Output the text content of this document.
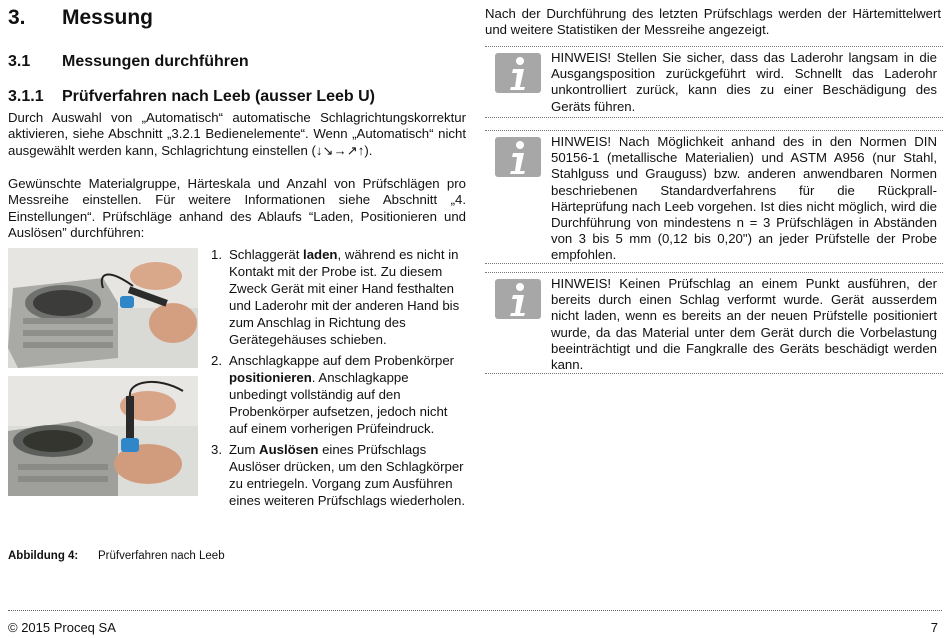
3. Messung
3.1 Messungen durchführen
3.1.1 Prüfverfahren nach Leeb (ausser Leeb U)
Durch Auswahl von „Automatisch“ automatische Schlagrichtungskorrektur aktivieren, siehe Abschnitt „3.2.1 Bedienelemente“. Wenn „Automatisch“ nicht ausgewählt werden kann, Schlagrichtung einstellen (↓↘→↗↑).
Gewünschte Materialgruppe, Härteskala und Anzahl von Prüfschlägen pro Messreihe einstellen. Für weitere Informationen siehe Abschnitt „4. Einstellungen“. Prüfschläge anhand des Ablaufs “Laden, Positionieren und Auslösen” durchführen:
1. Schlaggerät laden, während es nicht in Kontakt mit der Probe ist. Zu diesem Zweck Gerät mit einer Hand festhalten und Laderohr mit der anderen Hand bis zum Anschlag in Richtung des Gerätegehäuses schieben.
2. Anschlagkappe auf dem Probenkörper positionieren. Anschlagkappe unbedingt vollständig auf den Probenkörper aufsetzen, jedoch nicht auf einem vorherigen Prüfeindruck.
3. Zum Auslösen eines Prüfschlags Auslöser drücken, um den Schlagkörper zu entriegeln. Vorgang zum Ausführen eines weiteren Prüfschlags wiederholen.
Abbildung 4: Prüfverfahren nach Leeb
Nach der Durchführung des letzten Prüfschlags werden der Härtemittelwert und weitere Statistiken der Messreihe angezeigt.
HINWEIS! Stellen Sie sicher, dass das Laderohr langsam in die Ausgangsposition zurückgeführt wird. Schnellt das Laderohr unkontrolliert zurück, kann dies zu einer Beschädigung des Geräts führen.
HINWEIS! Nach Möglichkeit anhand des in den Normen DIN 50156-1 (metallische Materialien) und ASTM A956 (nur Stahl, Stahlguss und Grauguss) bzw. anderen anwendbaren Normen beschriebenen Standardverfahrens für die Rückprall-Härteprüfung nach Leeb vorgehen. Ist dies nicht möglich, wird die Durchführung von mindestens n = 3 Prüfschlägen in Abständen von 3 bis 5 mm (0,12 bis 0,20") an jeder Prüfstelle der Probe empfohlen.
HINWEIS! Keinen Prüfschlag an einem Punkt ausführen, der bereits durch einen Schlag verformt wurde. Gerät ausserdem nicht laden, wenn es bereits an der neuen Prüfstelle positioniert wurde, da das Material unter dem Gerät durch die Vorbelastung beeinträchtigt und die Fangkralle des Geräts beschädigt werden kann.
© 2015 Proceq SA	7
